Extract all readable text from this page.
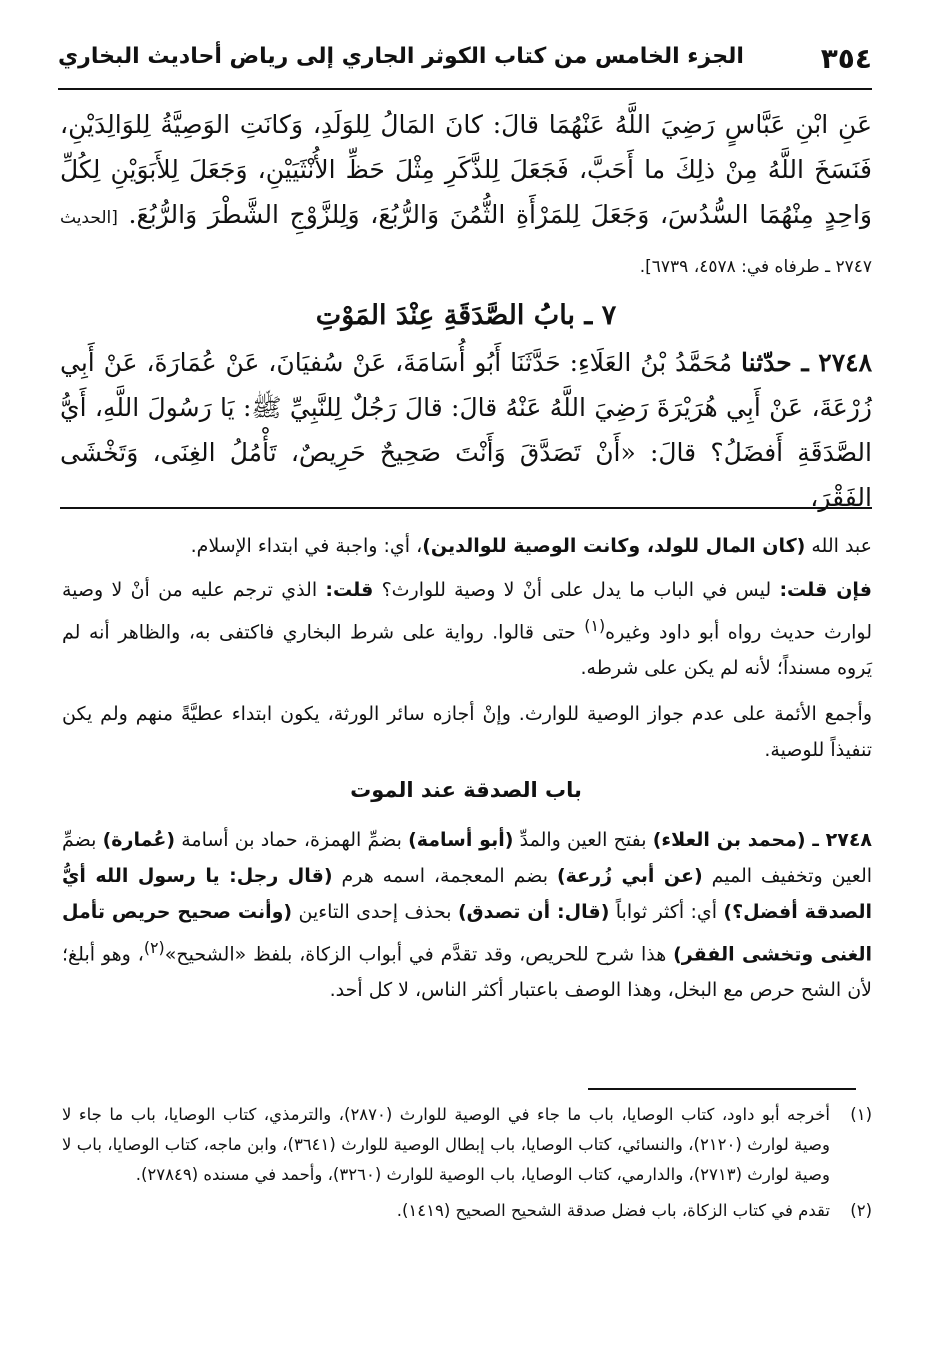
٣٥٤
الجزء الخامس من كتاب الكوثر الجاري إلى رياض أحاديث البخاري
عَنِ ابْنِ عَبَّاسٍ رَضِيَ اللَّهُ عَنْهُمَا قالَ: كانَ المَالُ لِلوَلَدِ، وَكانَتِ الوَصِيَّةُ لِلوَالِدَيْنِ، فَنَسَخَ اللَّهُ مِنْ ذلِكَ ما أَحَبَّ، فَجَعَلَ لِلذَّكَرِ مِثْلَ حَظِّ الأُنْثَيَيْنِ، وَجَعَلَ لِلأَبَوَيْنِ لِكُلِّ وَاحِدٍ مِنْهُمَا السُّدُسَ، وَجَعَلَ لِلمَرْأَةِ الثُّمُنَ وَالرُّبُعَ، وَلِلزَّوْجِ الشَّطْرَ وَالرُّبُعَ. [الحديث ٢٧٤٧ ـ طرفاه في: ٤٥٧٨، ٦٧٣٩].
٧ ـ بابُ الصَّدَقَةِ عِنْدَ المَوْتِ
٢٧٤٨ ـ حدّثنا مُحَمَّدُ بْنُ العَلَاءِ: حَدَّثَنَا أَبُو أُسَامَةَ، عَنْ سُفيَانَ، عَنْ عُمَارَةَ، عَنْ أَبِي زُرْعَةَ، عَنْ أَبِي هُرَيْرَةَ رَضِيَ اللَّهُ عَنْهُ قالَ: قالَ رَجُلٌ لِلنَّبِيِّ ﷺ: يَا رَسُولَ اللَّهِ، أَيُّ الصَّدَقَةِ أَفضَلُ؟ قالَ: «أَنْ تَصَدَّقَ وَأَنْتَ صَحِيحٌ حَرِيصٌ، تَأْمُلُ الغِنَى، وَتَخْشَى الفَقْرَ،
عبد الله (كان المال للولد، وكانت الوصية للوالدين)، أي: واجبة في ابتداء الإسلام.
فإن قلت: ليس في الباب ما يدل على أنْ لا وصية للوارث؟ قلت: الذي ترجم عليه من أنْ لا وصية لوارث حديث رواه أبو داود وغيره$^{(١)}$ حتى قالوا. رواية على شرط البخاري فاكتفى به، والظاهر أنه لم يَروه مسنداً؛ لأنه لم يكن على شرطه.
وأجمع الأئمة على عدم جواز الوصية للوارث. وإنْ أجازه سائر الورثة، يكون ابتداء عطيَّةً منهم ولم يكن تنفيذاً للوصية.
باب الصدقة عند الموت
٢٧٤٨ ـ (محمد بن العلاء) بفتح العين والمدِّ (أبو أسامة) بضمِّ الهمزة، حماد بن أسامة (عُمارة) بضمِّ العين وتخفيف الميم (عن أبي زُرعة) بضم المعجمة، اسمه هرم (قال رجل: يا رسول الله أيُّ الصدقة أفضل؟) أي: أكثر ثواباً (قال: أن تصدق) بحذف إحدى التاءين (وأنت صحيح حريص تأمل الغنى وتخشى الفقر) هذا شرح للحريص، وقد تقدَّم في أبواب الزكاة، بلفظ «الشحيح»$^{(٢)}$، وهو أبلغ؛ لأن الشح حرص مع البخل، وهذا الوصف باعتبار أكثر الناس، لا كل أحد.
(١)
أخرجه أبو داود، كتاب الوصايا، باب ما جاء في الوصية للوارث (٢٨٧٠)، والترمذي، كتاب الوصايا، باب ما جاء لا وصية لوارث (٢١٢٠)، والنسائي، كتاب الوصايا، باب إبطال الوصية للوارث (٣٦٤١)، وابن ماجه، كتاب الوصايا، باب لا وصية لوارث (٢٧١٣)، والدارمي، كتاب الوصايا، باب الوصية للوارث (٣٢٦٠)، وأحمد في مسنده (٢٧٨٤٩).
(٢)
تقدم في كتاب الزكاة، باب فضل صدقة الشحيح الصحيح (١٤١٩).
